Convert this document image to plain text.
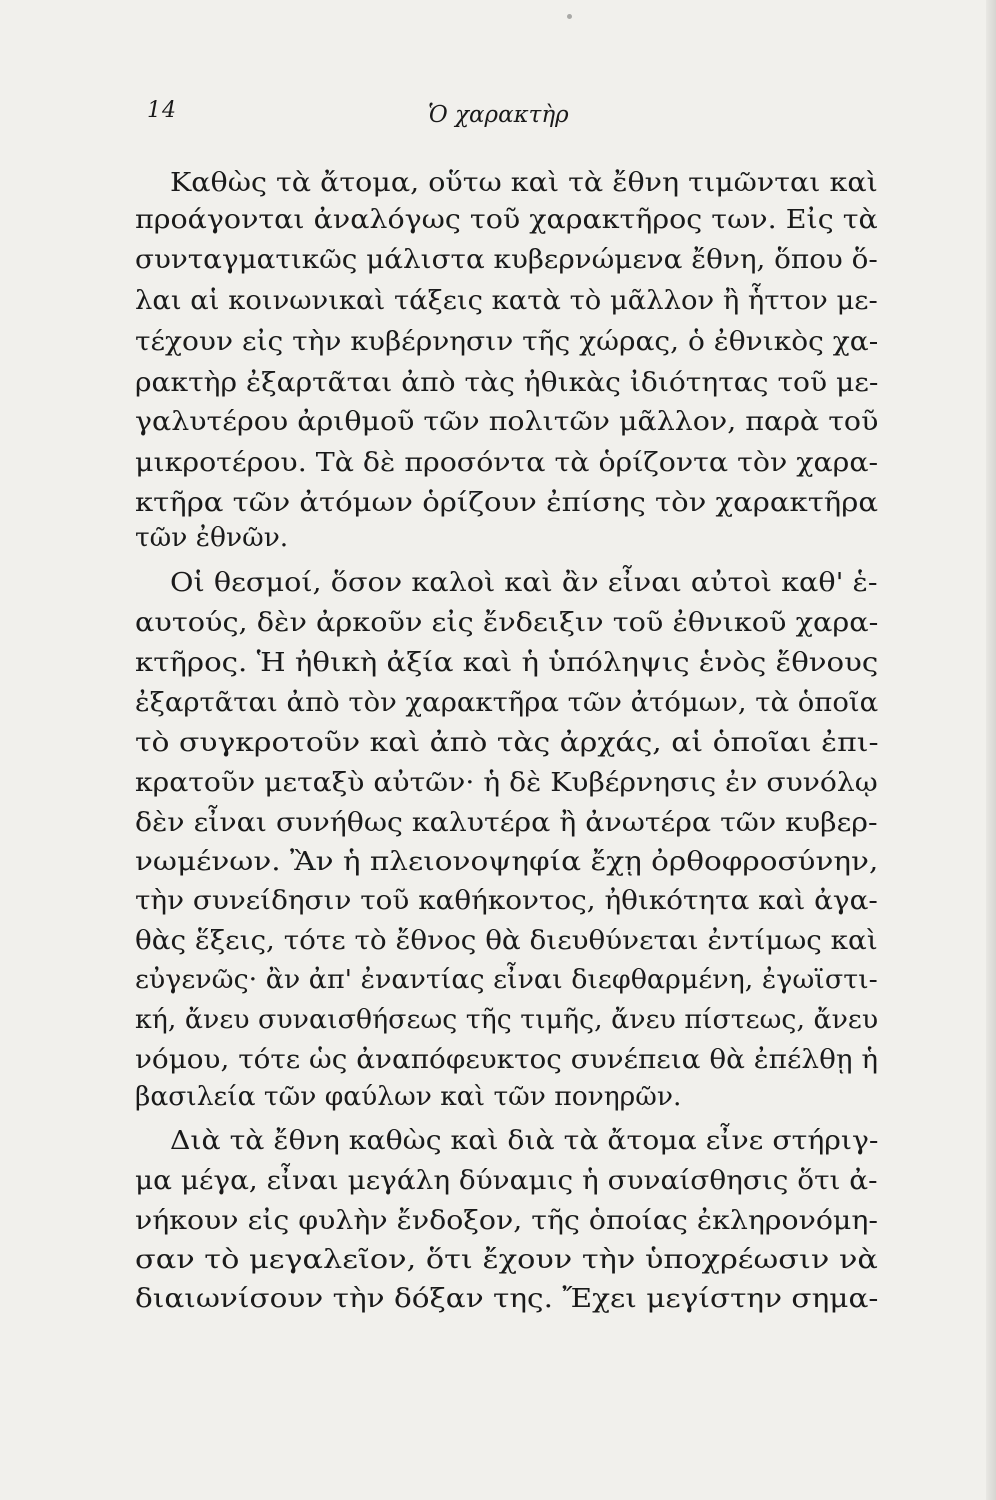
14	Ὁ χαρακτὴρ

Καθὼς τὰ ἄτομα, οὕτω καὶ τὰ ἔθνη τιμῶνται καὶ

προάγονται ἀναλόγως τοῦ χαρακτῆρος των. Εἰς τὰ

συνταγματικῶς μάλιστα κυβερνώμενα ἔθνη, ὅπου ὅ-

λαι αἱ κοινωνικαὶ τάξεις κατὰ τὸ μᾶλλον ἢ ἧττον με-

τέχουν εἰς τὴν κυβέρνησιν τῆς χώρας, ὁ ἐθνικὸς χα-

ρακτὴρ ἐξαρτᾶται ἀπὸ τὰς ἠθικὰς ἰδιότητας τοῦ με-

γαλυτέρου ἀριθμοῦ τῶν πολιτῶν μᾶλλον, παρὰ τοῦ

μικροτέρου. Τὰ δὲ προσόντα τὰ ὁρίζοντα τὸν χαρα-

κτῆρα τῶν ἀτόμων ὁρίζουν ἐπίσης τὸν χαρακτῆρα

τῶν ἐθνῶν.

Οἱ θεσμοί, ὅσον καλοὶ καὶ ἂν εἶναι αὐτοὶ καθ' ἑ-

αυτούς, δὲν ἀρκοῦν εἰς ἔνδειξιν τοῦ ἐθνικοῦ χαρα-

κτῆρος. Ἡ ἠθικὴ ἀξία καὶ ἡ ὑπόληψις ἑνὸς ἔθνους

ἐξαρτᾶται ἀπὸ τὸν χαρακτῆρα τῶν ἀτόμων, τὰ ὁποῖα

τὸ συγκροτοῦν καὶ ἀπὸ τὰς ἀρχάς, αἱ ὁποῖαι ἐπι-

κρατοῦν μεταξὺ αὐτῶν· ἡ δὲ Κυβέρνησις ἐν συνόλῳ

δὲν εἶναι συνήθως καλυτέρα ἢ ἀνωτέρα τῶν κυβερ-

νωμένων. Ἂν ἡ πλειονοψηφία ἔχῃ ὀρθοφροσύνην,

τὴν συνείδησιν τοῦ καθήκοντος, ἠθικότητα καὶ ἀγα-

θὰς ἕξεις, τότε τὸ ἔθνος θὰ διευθύνεται ἐντίμως καὶ

εὐγενῶς· ἂν ἀπ' ἐναντίας εἶναι διεφθαρμένη, ἐγωϊστι-

κή, ἄνευ συναισθήσεως τῆς τιμῆς, ἄνευ πίστεως, ἄνευ

νόμου, τότε ὡς ἀναπόφευκτος συνέπεια θὰ ἐπέλθῃ ἡ

βασιλεία τῶν φαύλων καὶ τῶν πονηρῶν.

Διὰ τὰ ἔθνη καθὼς καὶ διὰ τὰ ἄτομα εἶνε στήριγ-

μα μέγα, εἶναι μεγάλη δύναμις ἡ συναίσθησις ὅτι ἀ-

νήκουν εἰς φυλὴν ἔνδοξον, τῆς ὁποίας ἐκληρονόμη-

σαν τὸ μεγαλεῖον, ὅτι ἔχουν τὴν ὑποχρέωσιν νὰ

διαιωνίσουν τὴν δόξαν της. Ἔχει μεγίστην σημα-
